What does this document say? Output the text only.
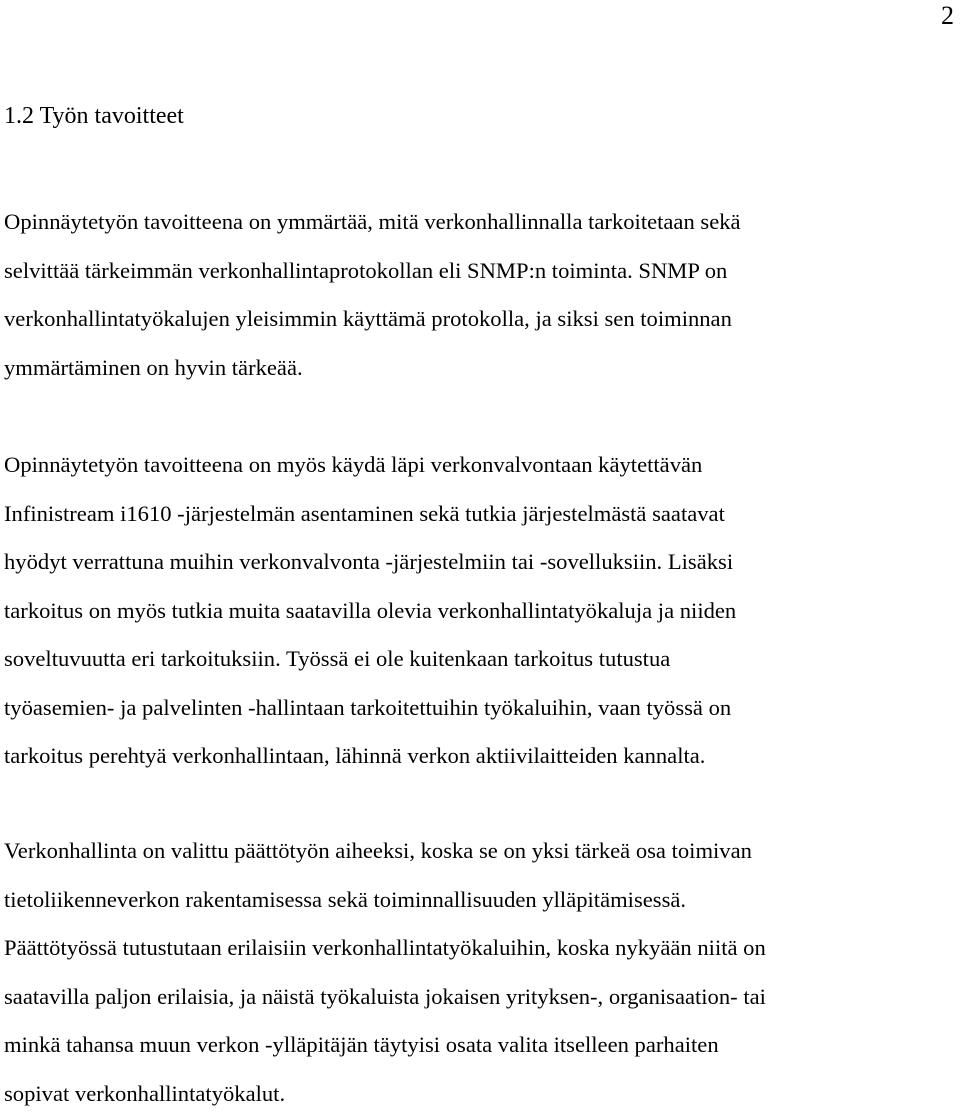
2
1.2 Työn tavoitteet

Opinnäytetyön tavoitteena on ymmärtää, mitä verkonhallinnalla tarkoitetaan sekä
selvittää tärkeimmän verkonhallintaprotokollan eli SNMP:n toiminta. SNMP on
verkonhallintatyökalujen yleisimmin käyttämä protokolla, ja siksi sen toiminnan
ymmärtäminen on hyvin tärkeää.

Opinnäytetyön tavoitteena on myös käydä läpi verkonvalvontaan käytettävän
Infinistream i1610 -järjestelmän asentaminen sekä tutkia järjestelmästä saatavat
hyödyt verrattuna muihin verkonvalvonta -järjestelmiin tai -sovelluksiin. Lisäksi
tarkoitus on myös tutkia muita saatavilla olevia verkonhallintatyökaluja ja niiden
soveltuvuutta eri tarkoituksiin. Työssä ei ole kuitenkaan tarkoitus tutustua
työasemien- ja palvelinten -hallintaan tarkoitettuihin työkaluihin, vaan työssä on
tarkoitus perehtyä verkonhallintaan, lähinnä verkon aktiivilaitteiden kannalta.

Verkonhallinta on valittu päättötyön aiheeksi, koska se on yksi tärkeä osa toimivan
tietoliikenneverkon rakentamisessa sekä toiminnallisuuden ylläpitämisessä.
Päättötyössä tutustutaan erilaisiin verkonhallintatyökaluihin, koska nykyään niitä on
saatavilla paljon erilaisia, ja näistä työkaluista jokaisen yrityksen-, organisaation- tai
minkä tahansa muun verkon -ylläpitäjän täytyisi osata valita itselleen parhaiten
sopivat verkonhallintatyökalut.
